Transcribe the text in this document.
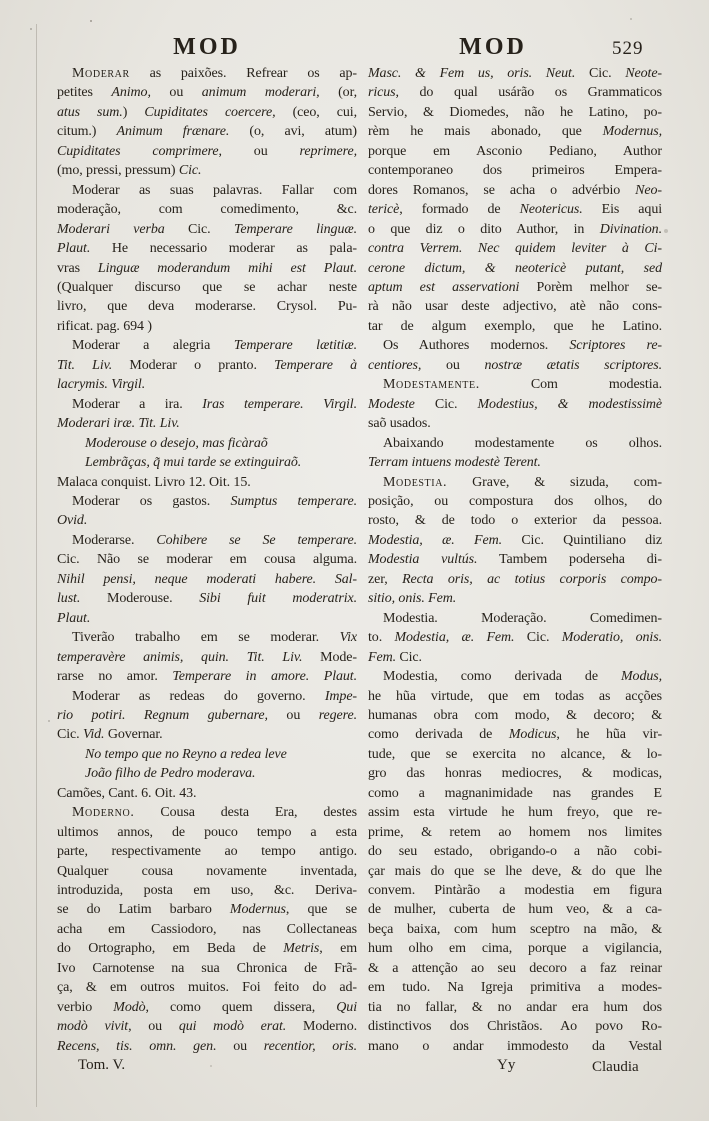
MOD	MOD	529
Moderar as paixões. Refrear os ap-
petites Animo, ou animum moderari, (or,
atus sum.) Cupiditates coercere, (ceo, cui,
citum.) Animum frænare. (o, avi, atum)
Cupiditates comprimere, ou reprimere,
(mo, pressi, pressum) Cic.
Moderar as suas palavras. Fallar com
moderação, com comedimento, &c.
Moderari verba Cic. Temperare linguæ.
Plaut. He necessario moderar as pala-
vras Linguæ moderandum mihi est Plaut.
(Qualquer discurso que se achar neste
livro, que deva moderarse. Crysol. Pu-
rificat. pag. 694 )
Moderar a alegria Temperare lætitiæ.
Tit. Liv. Moderar o pranto. Temperare à
lacrymis. Virgil.
Moderar a ira. Iras temperare. Virgil.
Moderari iræ. Tit. Liv.
Moderouse o desejo, mas ficàraõ
Lembrãças, q̃ mui tarde se extinguiraõ.
Malaca conquist. Livro 12. Oit. 15.
Moderar os gastos. Sumptus temperare.
Ovid.
Moderarse. Cohibere se Se temperare.
Cic. Não se moderar em cousa alguma.
Nihil pensi, neque moderati habere. Sal-
lust. Moderouse. Sibi fuit moderatrix.
Plaut.
Tiverão trabalho em se moderar. Vix
temperavère animis, quin. Tit. Liv. Mode-
rarse no amor. Temperare in amore. Plaut.
Moderar as redeas do governo. Impe-
rio potiri. Regnum gubernare, ou regere.
Cic. Vid. Governar.
No tempo que no Reyno a redea leve
João filho de Pedro moderava.
Camões, Cant. 6. Oit. 43.
Moderno. Cousa desta Era, destes
ultimos annos, de pouco tempo a esta
parte, respectivamente ao tempo antigo.
Qualquer cousa novamente inventada,
introduzida, posta em uso, &c. Deriva-
se do Latim barbaro Modernus, que se
acha em Cassiodoro, nas Collectaneas
do Ortographo, em Beda de Metris, em
Ivo Carnotense na sua Chronica de Frã-
ça, & em outros muitos. Foi feito do ad-
verbio Modò, como quem dissera, Qui
modò vivit, ou qui modò erat. Moderno.
Recens, tis. omn. gen. ou recentior, oris.
Masc. & Fem us, oris. Neut. Cic. Neote-
ricus, do qual usárão os Grammaticos
Servio, & Diomedes, não he Latino, po-
rèm he mais abonado, que Modernus,
porque em Asconio Pediano, Author
contemporaneo dos primeiros Empera-
dores Romanos, se acha o advérbio Neo-
tericè, formado de Neotericus. Eis aqui
o que diz o dito Author, in Divination.
contra Verrem. Nec quidem leviter à Ci-
cerone dictum, & neotericè putant, sed
aptum est asservationi Porèm melhor se-
rà não usar deste adjectivo, atè não cons-
tar de algum exemplo, que he Latino.
Os Authores modernos. Scriptores re-
centiores, ou nostræ ætatis scriptores.
Modestamente. Com modestia.
Modeste Cic. Modestius, & modestissimè
saõ usados.
Abaixando modestamente os olhos.
Terram intuens modestè Terent.
Modestia. Grave, & sizuda, com-
posição, ou compostura dos olhos, do
rosto, & de todo o exterior da pessoa.
Modestia, æ. Fem. Cic. Quintiliano diz
Modestia vultús. Tambem poderseha di-
zer, Recta oris, ac totius corporis compo-
sitio, onis. Fem.
Modestia. Moderação. Comedimen-
to. Modestia, æ. Fem. Cic. Moderatio, onis.
Fem. Cic.
Modestia, como derivada de Modus,
he hũa virtude, que em todas as acções
humanas obra com modo, & decoro; &
como derivada de Modicus, he hũa vir-
tude, que se exercita no alcance, & lo-
gro das honras mediocres, & modicas,
como a magnanimidade nas grandes E
assim esta virtude he hum freyo, que re-
prime, & retem ao homem nos limites
do seu estado, obrigando-o a não cobi-
çar mais do que se lhe deve, & do que lhe
convem. Pintàrão a modestia em figura
de mulher, cuberta de hum veo, & a ca-
beça baixa, com hum sceptro na mão, &
hum olho em cima, porque a vigilancia,
& a attenção ao seu decoro a faz reinar
em tudo. Na Igreja primitiva a modes-
tia no fallar, & no andar era hum dos
distinctivos dos Christãos. Ao povo Ro-
mano o andar immodesto da Vestal
Tom. V.	Yy	Claudia
